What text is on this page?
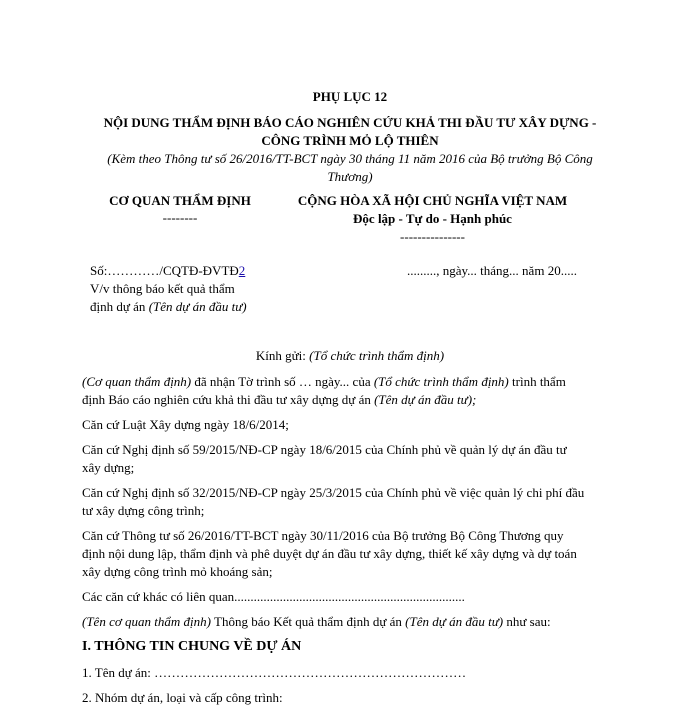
PHỤ LỤC 12
NỘI DUNG THẨM ĐỊNH BÁO CÁO NGHIÊN CỨU KHẢ THI ĐẦU TƯ XÂY DỰNG -
CÔNG TRÌNH MỎ LỘ THIÊN
(Kèm theo Thông tư số 26/2016/TT-BCT ngày 30 tháng 11 năm 2016 của Bộ trưởng Bộ Công
Thương)
CƠ QUAN THẨM ĐỊNH
--------
CỘNG HÒA XÃ HỘI CHỦ NGHĨA VIỆT NAM
Độc lập - Tự do - Hạnh phúc
---------------
Số:…………/CQTĐ-ĐVTĐ2	........., ngày... tháng... năm 20.....
V/v thông báo kết quả thẩm
định dự án (Tên dự án đầu tư)
Kính gửi: (Tổ chức trình thẩm định)
(Cơ quan thẩm định) đã nhận Tờ trình số … ngày... của (Tổ chức trình thẩm định) trình thẩm
định Báo cáo nghiên cứu khả thi đầu tư xây dựng dự án (Tên dự án đầu tư);
Căn cứ Luật Xây dựng ngày 18/6/2014;
Căn cứ Nghị định số 59/2015/NĐ-CP ngày 18/6/2015 của Chính phủ về quản lý dự án đầu tư
xây dựng;
Căn cứ Nghị định số 32/2015/NĐ-CP ngày 25/3/2015 của Chính phủ về việc quản lý chi phí đầu
tư xây dựng công trình;
Căn cứ Thông tư số 26/2016/TT-BCT ngày 30/11/2016 của Bộ trưởng Bộ Công Thương quy
định nội dung lập, thẩm định và phê duyệt dự án đầu tư xây dựng, thiết kế xây dựng và dự toán
xây dựng công trình mỏ khoáng sản;
Các căn cứ khác có liên quan.......................................................................
(Tên cơ quan thẩm định) Thông báo Kết quả thẩm định dự án (Tên dự án đầu tư) như sau:
I. THÔNG TIN CHUNG VỀ DỰ ÁN
1. Tên dự án: ………………………………………………………………
2. Nhóm dự án, loại và cấp công trình:
